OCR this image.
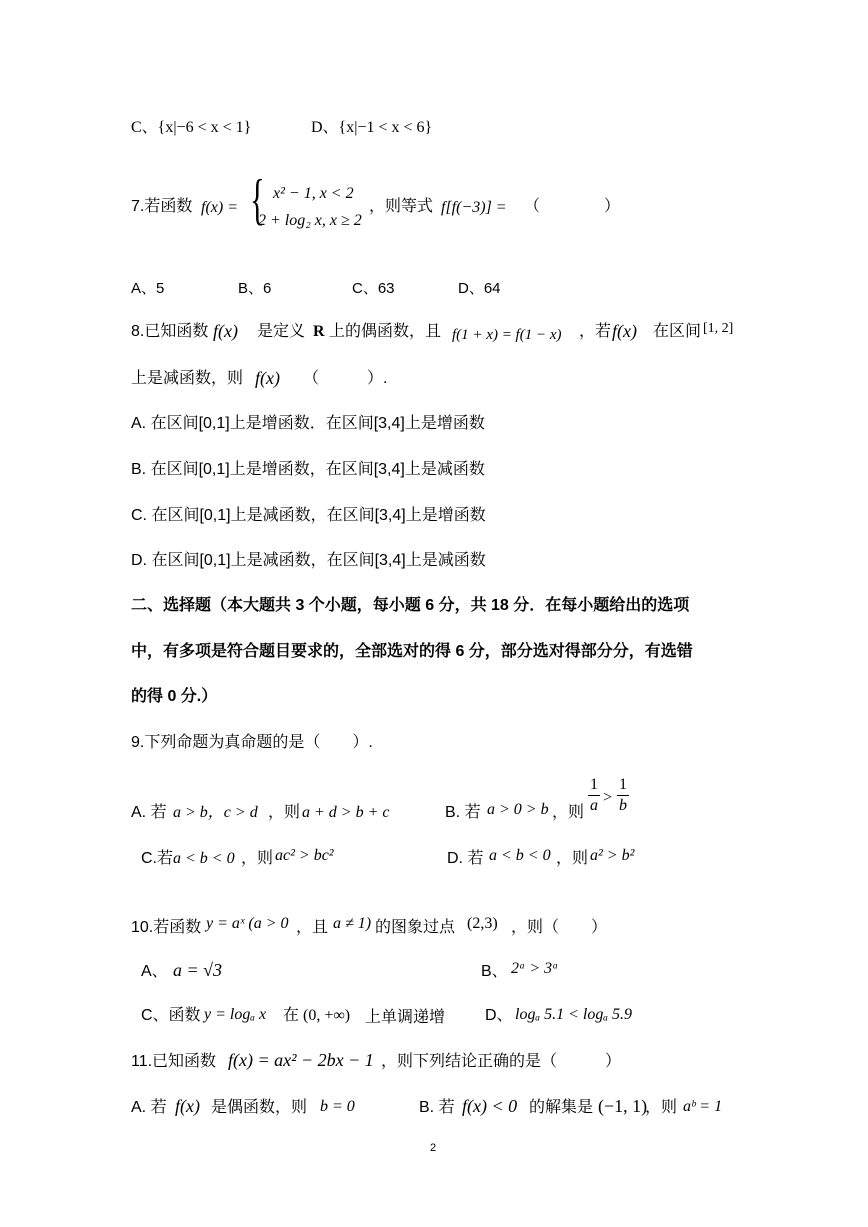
C、{x|−6 < x < 1}	D、{x|−1 < x < 6}
7.若函数 f(x) = { x² − 1, x < 2
2 + log₂ x, x ≥ 2
，则等式 f[f(−3)] = （　　　　）
A、5	B、6	C、63	D、64
8.已知函数 f(x) 是定义 R 上的偶函数，且 f(1 + x) = f(1 − x) ，若 f(x) 在区间 [1, 2]
上是减函数，则 f(x) （　　　）.
A. 在区间[0,1]上是增函数．在区间[3,4]上是增函数
B. 在区间[0,1]上是增函数，在区间[3,4]上是减函数
C. 在区间[0,1]上是减函数，在区间[3,4]上是增函数
D. 在区间[0,1]上是减函数，在区间[3,4]上是减函数
二、选择题（本大题共 3 个小题，每小题 6 分，共 18 分．在每小题给出的选项
中，有多项是符合题目要求的，全部选对的得 6 分，部分选对得部分分，有选错
的得 0 分.）
9.下列命题为真命题的是（　　）.
A. 若 a > b，c > d ，则 a + d > b + c	B. 若 a > 0 > b ，则
1
a >
1
b
C.若 a < b < 0 ，则 ac² > bc²	D. 若 a < b < 0 ，则 a² > b²
10.若函数 y = aˣ (a > 0 ，且 a ≠ 1) 的图象过点 (2,3) ，则（　　）
A、 a = √3	B、 2ᵃ > 3ᵃ
C、函数 y = logₐ x 在 (0, +∞) 上单调递增 D、 logₐ 5.1 < logₐ 5.9
11.已知函数 f(x) = ax² − 2bx − 1 ，则下列结论正确的是（　　　）
A. 若 f(x) 是偶函数，则 b = 0	B. 若 f(x) < 0 的解集是 (−1, 1)
，则 aᵇ = 1
2
